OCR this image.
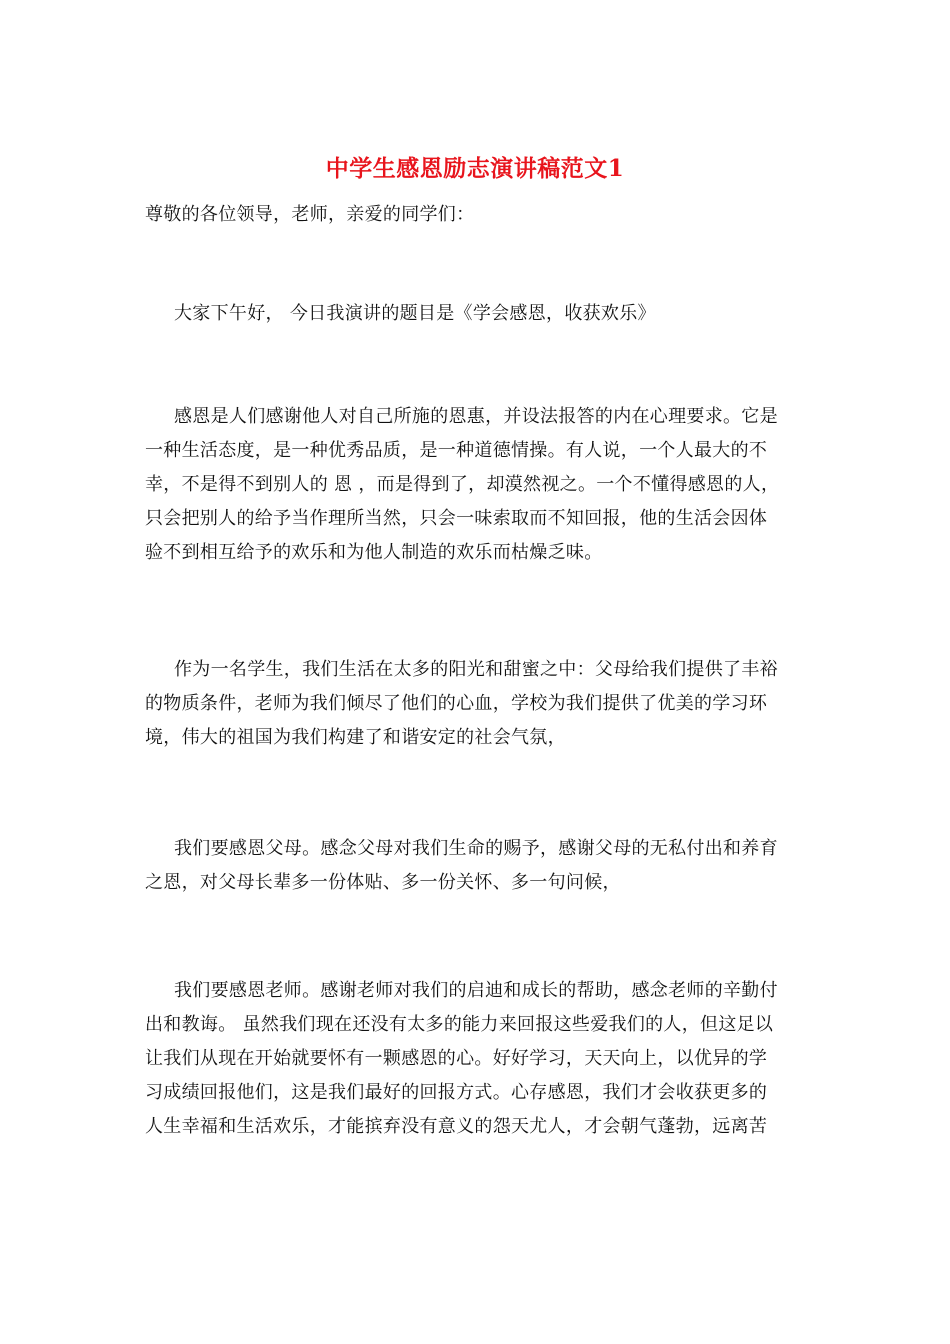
中学生感恩励志演讲稿范文1
尊敬的各位领导，老师，亲爱的同学们：
大家下午好， 今日我演讲的题目是《学会感恩，收获欢乐》
感恩是人们感谢他人对自己所施的恩惠，并设法报答的内在心理要求。它是
一种生活态度，是一种优秀品质，是一种道德情操。有人说，一个人最大的不
幸，不是得不到别人的 恩 ，而是得到了，却漠然视之。一个不懂得感恩的人，
只会把别人的给予当作理所当然，只会一味索取而不知回报，他的生活会因体
验不到相互给予的欢乐和为他人制造的欢乐而枯燥乏味。
作为一名学生，我们生活在太多的阳光和甜蜜之中：父母给我们提供了丰裕
的物质条件，老师为我们倾尽了他们的心血，学校为我们提供了优美的学习环
境，伟大的祖国为我们构建了和谐安定的社会气氛，
我们要感恩父母。感念父母对我们生命的赐予，感谢父母的无私付出和养育
之恩，对父母长辈多一份体贴、多一份关怀、多一句问候，
我们要感恩老师。感谢老师对我们的启迪和成长的帮助，感念老师的辛勤付
出和教诲。 虽然我们现在还没有太多的能力来回报这些爱我们的人，但这足以
让我们从现在开始就要怀有一颗感恩的心。好好学习，天天向上，以优异的学
习成绩回报他们，这是我们最好的回报方式。心存感恩，我们才会收获更多的
人生幸福和生活欢乐，才能摈弃没有意义的怨天尤人，才会朝气蓬勃，远离苦
